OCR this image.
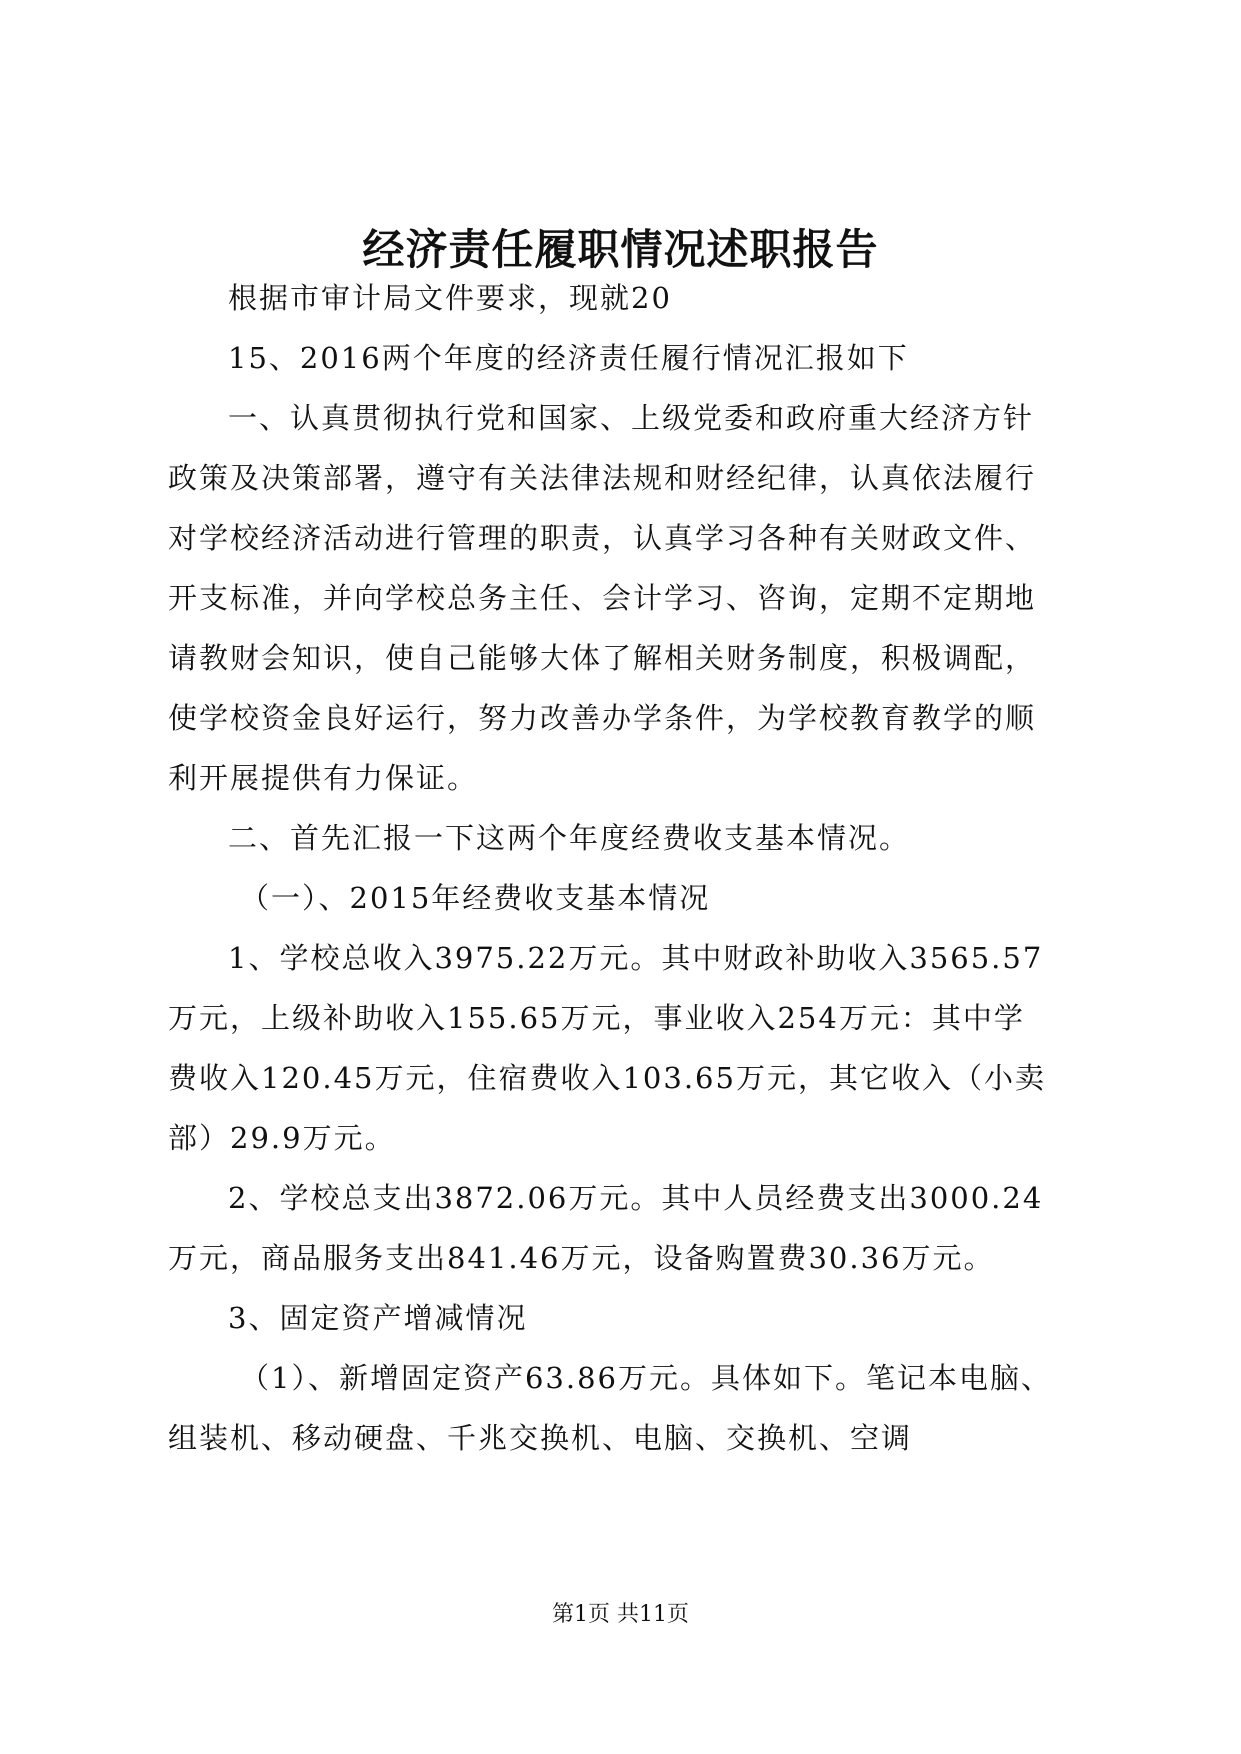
经济责任履职情况述职报告
根据市审计局文件要求，现就20
15、2016两个年度的经济责任履行情况汇报如下
一、认真贯彻执行党和国家、上级党委和政府重大经济方针
政策及决策部署，遵守有关法律法规和财经纪律，认真依法履行
对学校经济活动进行管理的职责，认真学习各种有关财政文件、
开支标准，并向学校总务主任、会计学习、咨询，定期不定期地
请教财会知识，使自己能够大体了解相关财务制度，积极调配，
使学校资金良好运行，努力改善办学条件，为学校教育教学的顺
利开展提供有力保证。
二、首先汇报一下这两个年度经费收支基本情况。
（一）、2015年经费收支基本情况
1、学校总收入3975.22万元。其中财政补助收入3565.57
万元，上级补助收入155.65万元，事业收入254万元：其中学
费收入120.45万元，住宿费收入103.65万元，其它收入（小卖
部）29.9万元。
2、学校总支出3872.06万元。其中人员经费支出3000.24
万元，商品服务支出841.46万元，设备购置费30.36万元。
3、固定资产增减情况
（1）、新增固定资产63.86万元。具体如下。笔记本电脑、
组装机、移动硬盘、千兆交换机、电脑、交换机、空调
第1页 共11页
